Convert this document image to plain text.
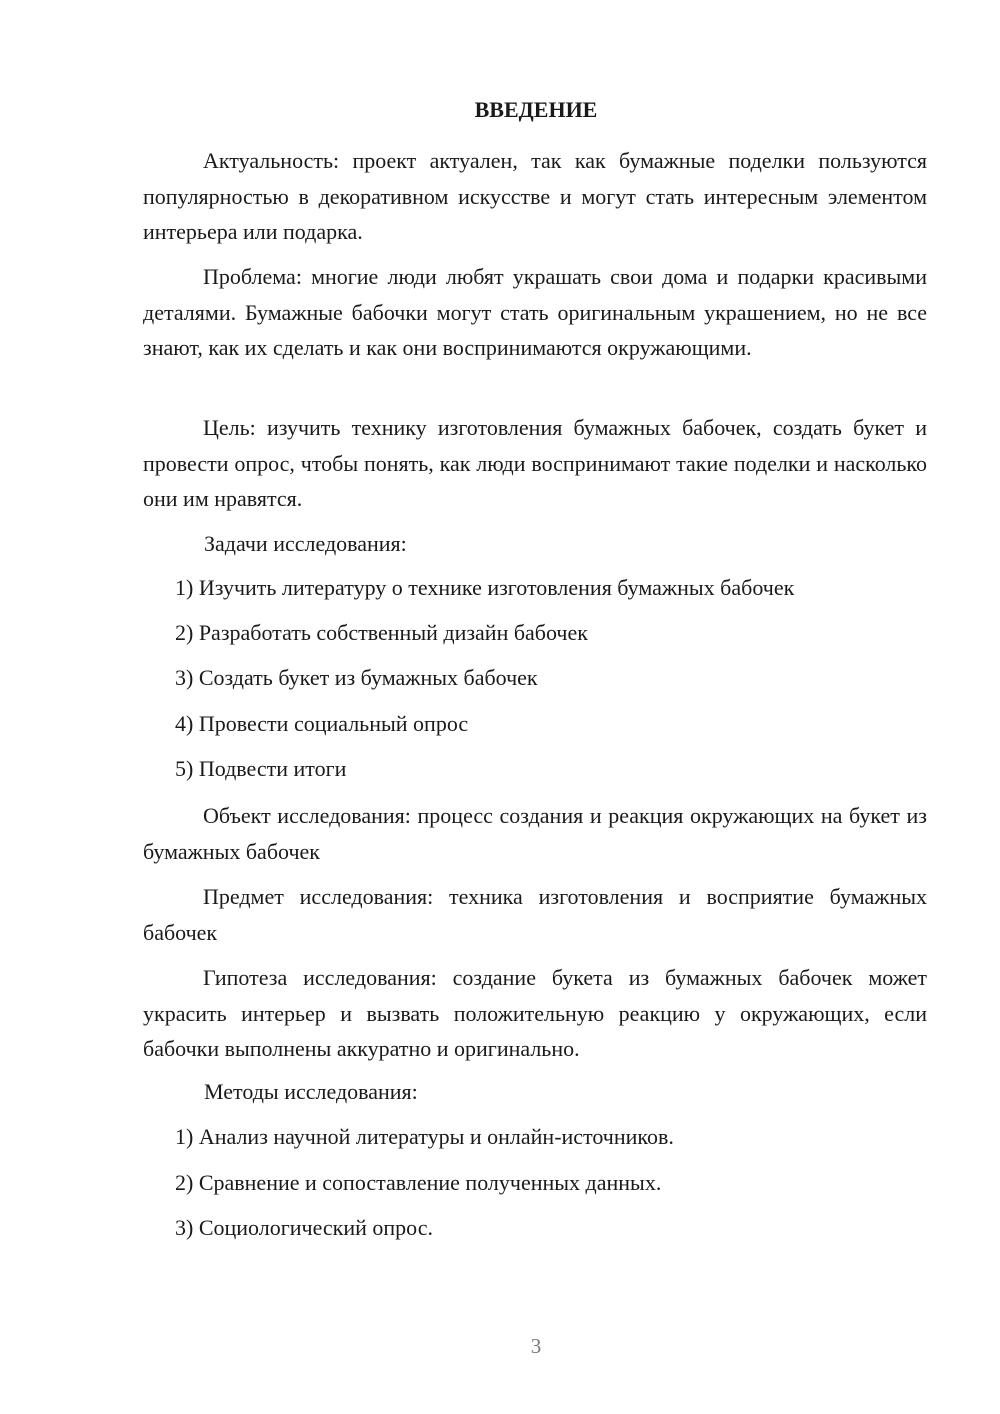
ВВЕДЕНИЕ

Актуальность: проект актуален, так как бумажные поделки пользуются популярностью в декоративном искусстве и могут стать интересным элементом интерьера или подарка.

Проблема: многие люди любят украшать свои дома и подарки красивыми деталями. Бумажные бабочки могут стать оригинальным украшением, но не все знают, как их сделать и как они воспринимаются окружающими.

Цель: изучить технику изготовления бумажных бабочек, создать букет и провести опрос, чтобы понять, как люди воспринимают такие поделки и насколько они им нравятся.

Задачи исследования:

1) Изучить литературу о технике изготовления бумажных бабочек

2) Разработать собственный дизайн бабочек

3) Создать букет из бумажных бабочек

4) Провести социальный опрос

5) Подвести итоги

Объект исследования: процесс создания и реакция окружающих на букет из бумажных бабочек

Предмет исследования: техника изготовления и восприятие бумажных бабочек

Гипотеза исследования: создание букета из бумажных бабочек может украсить интерьер и вызвать положительную реакцию у окружающих, если бабочки выполнены аккуратно и оригинально.

Методы исследования:

1) Анализ научной литературы и онлайн-источников.

2) Сравнение и сопоставление полученных данных.

3) Социологический опрос.

3
